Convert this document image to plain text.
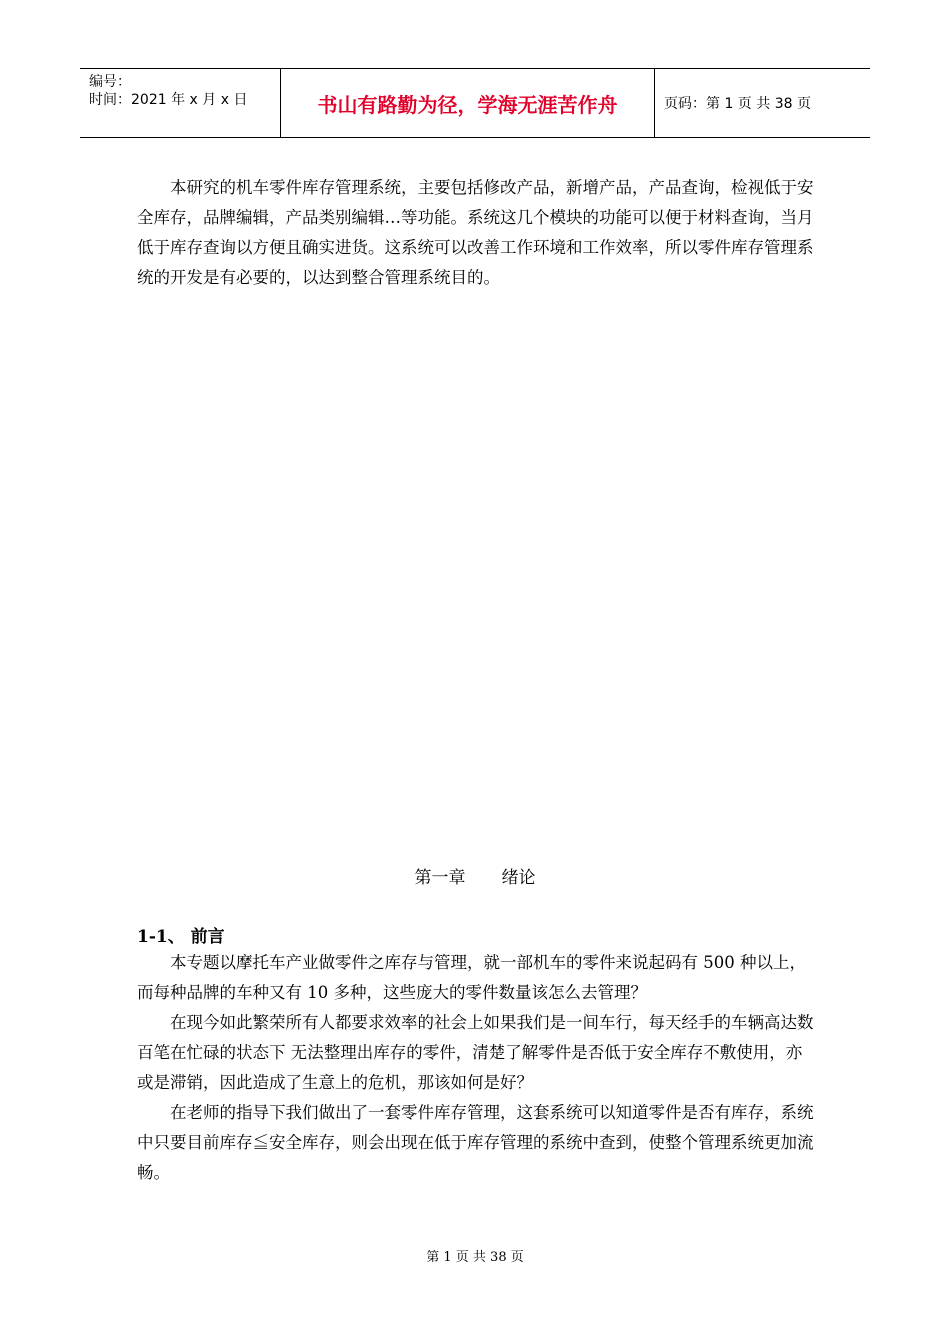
编号：
时间：2021 年 x 月 x 日	书山有路勤为径，学海无涯苦作舟	页码：第 1 页 共 38 页

本研究的机车零件库存管理系统，主要包括修改产品，新增产品，产品查询，检视低于安全库存，品牌编辑，产品类别编辑…等功能。系统这几个模块的功能可以便于材料查询，当月低于库存查询以方便且确实进货。这系统可以改善工作环境和工作效率，所以零件库存管理系统的开发是有必要的，以达到整合管理系统目的。

第一章 绪论
1-1、 前言

本专题以摩托车产业做零件之库存与管理，就一部机车的零件来说起码有 500 种以上，而每种品牌的车种又有 10 多种，这些庞大的零件数量该怎么去管理？

在现今如此繁荣所有人都要求效率的社会上如果我们是一间车行，每天经手的车辆高达数百笔在忙碌的状态下 无法整理出库存的零件，清楚了解零件是否低于安全库存不敷使用，亦或是滞销，因此造成了生意上的危机，那该如何是好？

在老师的指导下我们做出了一套零件库存管理，这套系统可以知道零件是否有库存，系统中只要目前库存≦安全库存，则会出现在低于库存管理的系统中查到，使整个管理系统更加流畅。

第 1 页 共 38 页
